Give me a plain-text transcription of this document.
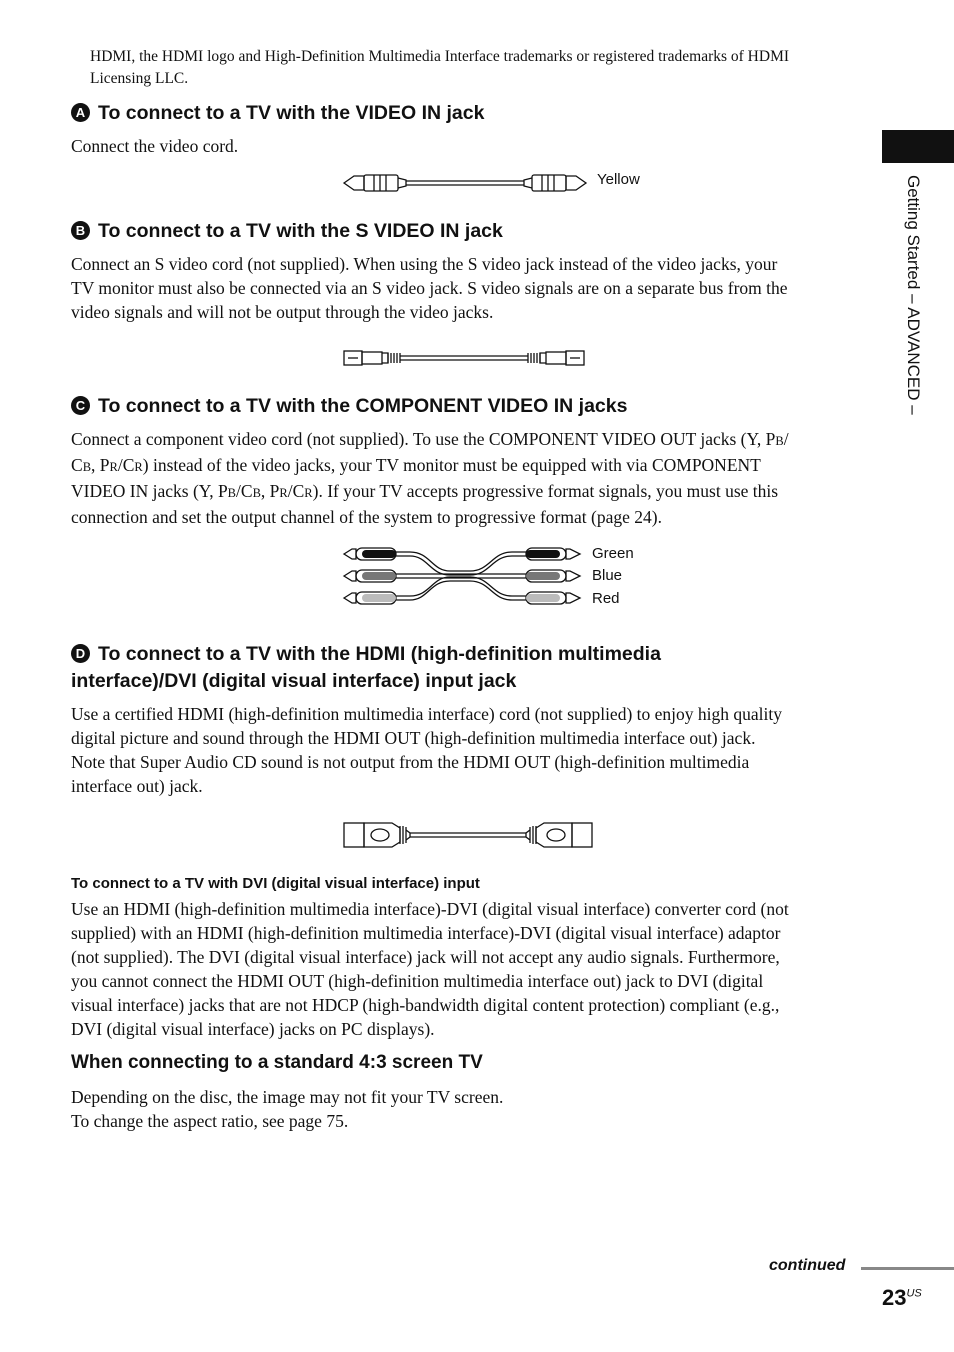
HDMI, the HDMI logo and High-Definition Multimedia Interface trademarks or registered trademarks of HDMI
Licensing LLC.
Getting Started – ADVANCED –
A To connect to a TV with the VIDEO IN jack
Connect the video cord.
Yellow
B To connect to a TV with the S VIDEO IN jack
Connect an S video cord (not supplied). When using the S video jack instead of the video jacks, your
TV monitor must also be connected via an S video jack. S video signals are on a separate bus from the
video signals and will not be output through the video jacks.
C To connect to a TV with the COMPONENT VIDEO IN jacks
Connect a component video cord (not supplied). To use the COMPONENT VIDEO OUT jacks (Y, PB/
CB, PR/CR) instead of the video jacks, your TV monitor must be equipped with via COMPONENT
VIDEO IN jacks (Y, PB/CB, PR/CR). If your TV accepts progressive format signals, you must use this
connection and set the output channel of the system to progressive format (page 24).
Green
Blue
Red
D To connect to a TV with the HDMI (high-definition multimedia
interface)/DVI (digital visual interface) input jack
Use a certified HDMI (high-definition multimedia interface) cord (not supplied) to enjoy high quality
digital picture and sound through the HDMI OUT (high-definition multimedia interface out) jack.
Note that Super Audio CD sound is not output from the HDMI OUT (high-definition multimedia
interface out) jack.
To connect to a TV with DVI (digital visual interface) input
Use an HDMI (high-definition multimedia interface)-DVI (digital visual interface) converter cord (not
supplied) with an HDMI (high-definition multimedia interface)-DVI (digital visual interface) adaptor
(not supplied). The DVI (digital visual interface) jack will not accept any audio signals. Furthermore,
you cannot connect the HDMI OUT (high-definition multimedia interface out) jack to DVI (digital
visual interface) jacks that are not HDCP (high-bandwidth digital content protection) compliant (e.g.,
DVI (digital visual interface) jacks on PC displays).
When connecting to a standard 4:3 screen TV
Depending on the disc, the image may not fit your TV screen.
To change the aspect ratio, see page 75.
continued
$23^{US}$
